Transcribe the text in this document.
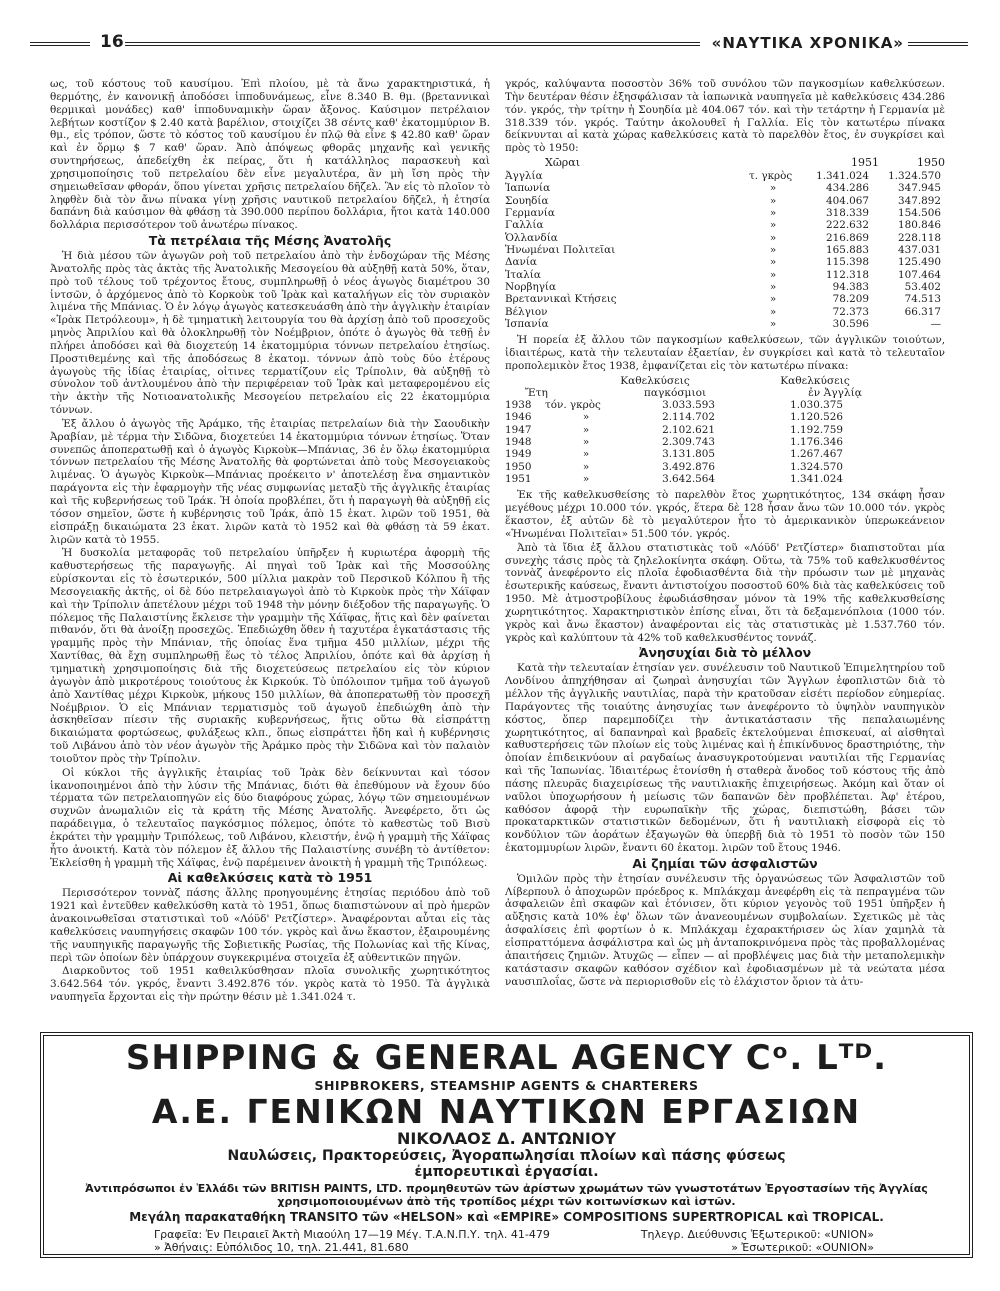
16	«ΝΑΥΤΙΚΑ ΧΡΟΝΙΚΑ»

ως, τοῦ κόστους τοῦ καυσίμου. Ἐπὶ πλοίου, μὲ τὰ ἄνω χαρακτηριστικά, ἡ θερμότης, ἐν κανονικῇ ἀποδόσει ἱπποδυνάμεως, εἶνε 8.340 Β. θμ. (βρεταννικαὶ θερμικαὶ μονάδες) καθ' ἱπποδυναμικὴν ὥραν ἄξονος. Καύσιμον πετρέλαιον λεβήτων κοστίζον $ 2.40 κατὰ βαρέλιον, στοιχίζει 38 σέντς καθ' ἑκατομμύριον Β. θμ., εἰς τρόπον, ὥστε τὸ κόστος τοῦ καυσίμου ἐν πλῷ θὰ εἶνε $ 42.80 καθ' ὥραν καὶ ἐν ὅρμῳ $ 7 καθ' ὥραν. Ἀπὸ ἀπόψεως φθορᾶς μηχανῆς καὶ γενικῆς συντηρήσεως, ἀπεδείχθη ἐκ πείρας, ὅτι ἡ κατάλληλος παρασκευὴ καὶ χρησιμοποίησις τοῦ πετρελαίου δὲν εἶνε μεγαλυτέρα, ἂν μὴ ἴση πρὸς τὴν σημειωθεῖσαν φθοράν, ὅπου γίνεται χρῆσις πετρελαίου δῆζελ. Ἂν εἰς τὸ πλοῖον τὸ ληφθὲν διὰ τὸν ἄνω πίνακα γίνῃ χρῆσις ναυτικοῦ πετρελαίου δῆζελ, ἡ ἐτησία δαπάνη διὰ καύσιμον θὰ φθάσῃ τὰ 390.000 περίπου δολλάρια, ἤτοι κατὰ 140.000 δολλάρια περισσότερον τοῦ ἀνωτέρω πίνακος.

Τὰ πετρέλαια τῆς Μέσης Ἀνατολῆς

Ἡ διὰ μέσου τῶν ἀγωγῶν ροὴ τοῦ πετρελαίου ἀπὸ τὴν ἐνδοχώραν τῆς Μέσης Ἀνατολῆς πρὸς τὰς ἀκτὰς τῆς Ἀνατολικῆς Μεσογείου θὰ αὐξηθῇ κατὰ 50%, ὅταν, πρὸ τοῦ τέλους τοῦ τρέχοντος ἔτους, συμπληρωθῇ ὁ νέος ἀγωγὸς διαμέτρου 30 ἰντσῶν, ὁ ἀρχόμενος ἀπὸ τὸ Κορκοὺκ τοῦ Ἰρὰκ καὶ καταλήγων εἰς τὸν συριακὸν λιμένα τῆς Μπάνιας. Ὁ ἐν λόγῳ ἀγωγὸς κατεσκευάσθη ἀπὸ τὴν ἀγγλικὴν ἑταιρίαν «Ἰρὰκ Πετρόλεουμ», ἡ δὲ τμηματικὴ λειτουργία του θὰ ἀρχίσῃ ἀπὸ τοῦ προσεχοῦς μηνὸς Ἀπριλίου καὶ θὰ ὁλοκληρωθῇ τὸν Νοέμβριον, ὁπότε ὁ ἀγωγὸς θὰ τεθῇ ἐν πλήρει ἀποδόσει καὶ θὰ διοχετεύῃ 14 ἑκατομμύρια τόννων πετρελαίου ἐτησίως. Προστιθεμένης καὶ τῆς ἀποδόσεως 8 ἑκατομ. τόννων ἀπὸ τοὺς δύο ἑτέρους ἀγωγοὺς τῆς ἰδίας ἑταιρίας, οἱτινες τερματίζουν εἰς Τρίπολιν, θὰ αὐξηθῇ τὸ σύνολον τοῦ ἀντλουμένου ἀπὸ τὴν περιφέρειαν τοῦ Ἰρὰκ καὶ μεταφερομένου εἰς τὴν ἀκτὴν τῆς Νοτιοανατολικῆς Μεσογείου πετρελαίου εἰς 22 ἑκατομμύρια τόννων.

Ἐξ ἄλλου ὁ ἀγωγὸς τῆς Ἀράμκο, τῆς ἑταιρίας πετρελαίων διὰ τὴν Σαουδικὴν Ἀραβίαν, μὲ τέρμα τὴν Σιδῶνα, διοχετεύει 14 ἑκατομμύρια τόννων ἐτησίως. Ὅταν συνεπῶς ἀποπερατωθῇ καὶ ὁ ἀγωγὸς Κιρκοὺκ—Μπάνιας, 36 ἐν ὅλῳ ἑκατομμύρια τόννων πετρελαίου τῆς Μέσης Ἀνατολῆς θὰ φορτώνεται ἀπὸ τοὺς Μεσογειακοὺς λιμένας. Ὁ ἀγωγὸς Κιρκοὺκ—Μπάνιας προέκειτο ν' ἀποτελέσῃ ἕνα σημαντικὸν παράγοντα εἰς τὴν ἐφαρμογὴν τῆς νέας συμφωνίας μεταξὺ τῆς ἀγγλικῆς ἑταιρίας καὶ τῆς κυβερνήσεως τοῦ Ἰράκ. Ἡ ὁποία προβλέπει, ὅτι ἡ παραγωγὴ θὰ αὐξηθῇ εἰς τόσον σημεῖον, ὥστε ἡ κυβέρνησις τοῦ Ἰράκ, ἀπὸ 15 ἑκατ. λιρῶν τοῦ 1951, θὰ εἰσπράξῃ δικαιώματα 23 ἑκατ. λιρῶν κατὰ τὸ 1952 καὶ θὰ φθάσῃ τὰ 59 ἑκατ. λιρῶν κατὰ τὸ 1955.

Ἡ δυσκολία μεταφορᾶς τοῦ πετρελαίου ὑπῆρξεν ἡ κυριωτέρα ἀφορμὴ τῆς καθυστερήσεως τῆς παραγωγῆς. Αἱ πηγαὶ τοῦ Ἰρὰκ καὶ τῆς Μοσσούλης εὑρίσκονται εἰς τὸ ἐσωτερικόν, 500 μίλλια μακρὰν τοῦ Περσικοῦ Κόλπου ἢ τῆς Μεσογειακῆς ἀκτῆς, οἱ δὲ δύο πετρελαιαγωγοὶ ἀπὸ τὸ Κιρκοὺκ πρὸς τὴν Χάϊφαν καὶ τὴν Τρίπολιν ἀπετέλουν μέχρι τοῦ 1948 τὴν μόνην διέξοδον τῆς παραγωγῆς. Ὁ πόλεμος τῆς Παλαιστίνης ἔκλεισε τὴν γραμμὴν τῆς Χάϊφας, ἥτις καὶ δὲν φαίνεται πιθανόν, ὅτι θὰ ἀνοίξῃ προσεχῶς. Ἐπεδιώχθη ὅθεν ἡ ταχυτέρα ἐγκατάστασις τῆς γραμμῆς πρὸς τὴν Μπάνιαν, τῆς ὁποίας ἕνα τμῆμα 450 μιλλίων, μέχρι τῆς Χαντίθας, θὰ ἔχῃ συμπληρωθῇ ἕως τὸ τέλος Ἀπριλίου, ὁπότε καὶ θὰ ἀρχίσῃ ἡ τμηματικὴ χρησιμοποίησις διὰ τῆς διοχετεύσεως πετρελαίου εἰς τὸν κύριον ἀγωγὸν ἀπὸ μικροτέρους τοιούτους ἐκ Κιρκούκ. Τὸ ὑπόλοιπον τμῆμα τοῦ ἀγωγοῦ ἀπὸ Χαντίθας μέχρι Κιρκοὺκ, μήκους 150 μιλλίων, θὰ ἀποπερατωθῇ τὸν προσεχῆ Νοέμβριον. Ὁ εἰς Μπάνιαν τερματισμὸς τοῦ ἀγωγοῦ ἐπεδιώχθη ἀπὸ τὴν ἀσκηθεῖσαν πίεσιν τῆς συριακῆς κυβερνήσεως, ἥτις οὕτω θὰ εἰσπράττῃ δικαιώματα φορτώσεως, φυλάξεως κλπ., ὅπως εἰσπράττει ἤδη καὶ ἡ κυβέρνησις τοῦ Λιβάνου ἀπὸ τὸν νέον ἀγωγὸν τῆς Ἀράμκο πρὸς τὴν Σιδῶνα καὶ τὸν παλαιὸν τοιοῦτον πρὸς τὴν Τρίπολιν.

Οἱ κύκλοι τῆς ἀγγλικῆς ἑταιρίας τοῦ Ἰρὰκ δὲν δείκνυνται καὶ τόσον ἱκανοποιημένοι ἀπὸ τὴν λύσιν τῆς Μπάνιας, διότι θὰ ἐπεθύμουν νὰ ἔχουν δύο τέρματα τῶν πετρελαιοπηγῶν εἰς δύο διαφόρους χώρας, λόγῳ τῶν σημειουμένων συχνῶν ἀνωμαλιῶν εἰς τὰ κράτη τῆς Μέσης Ἀνατολῆς. Ἀνεφέρετο, ὅτι ὡς παράδειγμα, ὁ τελευταῖος παγκόσμιος πόλεμος, ὁπότε τὸ καθεστὼς τοῦ Βισὺ ἐκράτει τὴν γραμμὴν Τριπόλεως, τοῦ Λιβάνου, κλειστήν, ἐνῷ ἡ γραμμὴ τῆς Χάϊφας ἦτο ἀνοικτή. Κατὰ τὸν πόλεμον ἐξ ἄλλου τῆς Παλαιστίνης συνέβη τὸ ἀντίθετον: Ἐκλείσθη ἡ γραμμὴ τῆς Χάϊφας, ἐνῷ παρέμεινεν ἀνοικτὴ ἡ γραμμὴ τῆς Τριπόλεως.

Αἱ καθελκύσεις κατὰ τὸ 1951

Περισσότερον τοννὰζ πάσης ἄλλης προηγουμένης ἐτησίας περιόδου ἀπὸ τοῦ 1921 καὶ ἐντεῦθεν καθελκύσθη κατὰ τὸ 1951, ὅπως διαπιστώνουν αἱ πρὸ ἡμερῶν ἀνακοινωθεῖσαι στατιστικαὶ τοῦ «Λόϋδ' Ρετζίστερ». Ἀναφέρονται αὗται εἰς τὰς καθελκύσεις ναυπηγήσεις σκαφῶν 100 τόν. γκρὸς καὶ ἄνω ἕκαστον, ἐξαιρουμένης τῆς ναυπηγικῆς παραγωγῆς τῆς Σοβιετικῆς Ρωσίας, τῆς Πολωνίας καὶ τῆς Κίνας, περὶ τῶν ὁποίων δὲν ὑπάρχουν συγκεκριμένα στοιχεῖα ἐξ αὐθεντικῶν πηγῶν.

Διαρκοῦντος τοῦ 1951 καθειλκύσθησαν πλοῖα συνολικῆς χωρητικότητος 3.642.564 τόν. γκρός, ἔναντι 3.492.876 τόν. γκρὸς κατὰ τὸ 1950. Τὰ ἀγγλικὰ ναυπηγεῖα ἔρχονται εἰς τὴν πρώτην θέσιν μὲ 1.341.024 τ.

γκρός, καλύψαντα ποσοστὸν 36% τοῦ συνόλου τῶν παγκοσμίων καθελκύσεων. Τὴν δευτέραν θέσιν ἐξησφάλισαν τὰ ἰαπωνικὰ ναυπηγεῖα μὲ καθελκύσεις 434.286 τόν. γκρός, τὴν τρίτην ἡ Σουηδία μὲ 404.067 τόν. καὶ τὴν τετάρτην ἡ Γερμανία μὲ 318.339 τόν. γκρός. Ταύτην ἀκολουθεῖ ἡ Γαλλία. Εἰς τὸν κατωτέρω πίνακα δείκνυνται αἱ κατὰ χώρας καθελκύσεις κατὰ τὸ παρελθὸν ἔτος, ἐν συγκρίσει καὶ πρὸς τὸ 1950:

Χῶραι	1951	1950
Ἀγγλία	τ. γκρὸς	1.341.024	1.324.570
Ἰαπωνία	»	434.286	347.945
Σουηδία	»	404.067	347.892
Γερμανία	»	318.339	154.506
Γαλλία	»	222.632	180.846
Ὁλλανδία	»	216.869	228.118
Ἡνωμέναι Πολιτεῖαι	»	165.883	437.031
Δανία	»	115.398	125.490
Ἰταλία	»	112.318	107.464
Νορβηγία	»	94.383	53.402
Βρεταννικαὶ Κτήσεις	»	78.209	74.513
Βέλγιον	»	72.373	66.317
Ἱσπανία	»	30.596	—

Ἡ πορεία ἐξ ἄλλου τῶν παγκοσμίων καθελκύσεων, τῶν ἀγγλικῶν τοιούτων, ἰδιαιτέρως, κατὰ τὴν τελευταίαν ἑξαετίαν, ἐν συγκρίσει καὶ κατὰ τὸ τελευταῖον προπολεμικὸν ἔτος 1938, ἐμφανίζεται εἰς τὸν κατωτέρω πίνακα:

Καθελκύσεις	Καθελκύσεις
Ἔτη	παγκόσμιοι	ἐν Ἀγγλίᾳ
1938	τόν. γκρὸς	3.033.593	1.030.375
1946	»	2.114.702	1.120.526
1947	»	2.102.621	1.192.759
1948	»	2.309.743	1.176.346
1949	»	3.131.805	1.267.467
1950	»	3.492.876	1.324.570
1951	»	3.642.564	1.341.024

Ἐκ τῆς καθελκυσθείσης τὸ παρελθὸν ἔτος χωρητικότητος, 134 σκάφη ἦσαν μεγέθους μέχρι 10.000 τόν. γκρός, ἕτερα δὲ 128 ἦσαν ἄνω τῶν 10.000 τόν. γκρὸς ἕκαστον, ἐξ αὐτῶν δὲ τὸ μεγαλύτερον ἦτο τὸ ἀμερικανικὸν ὑπερωκεάνειον «Ἡνωμέναι Πολιτεῖαι» 51.500 τόν. γκρός.

Ἀπὸ τὰ ἴδια ἐξ ἄλλου στατιστικὰς τοῦ «Λόϋδ' Ρετζίστερ» διαπιστοῦται μία συνεχὴς τάσις πρὸς τὰ ζηλελοκίνητα σκάφη. Οὕτω, τὰ 75% τοῦ καθελκυσθέντος τοννὰζ ἀνεφέροντο εἰς πλοῖα ἐφοδιασθέντα διὰ τὴν πρόωσιν των μὲ μηχανὰς ἐσωτερικῆς καύσεως, ἔναντι ἀντιστοίχου ποσοστοῦ 60% διὰ τὰς καθελκύσεις τοῦ 1950. Μὲ ἀτμοστροβίλους ἐφωδιάσθησαν μόνον τὰ 19% τῆς καθελκυσθείσης χωρητικότητος. Χαρακτηριστικὸν ἐπίσης εἶναι, ὅτι τὰ δεξαμενόπλοια (1000 τόν. γκρὸς καὶ ἄνω ἕκαστον) ἀναφέρονται εἰς τὰς στατιστικὰς μὲ 1.537.760 τόν. γκρὸς καὶ καλύπτουν τὰ 42% τοῦ καθελκυσθέντος τοννάζ.

Ἀνησυχίαι διὰ τὸ μέλλον

Κατὰ τὴν τελευταίαν ἐτησίαν γεν. συνέλευσιν τοῦ Ναυτικοῦ Ἐπιμελητηρίου τοῦ Λονδίνου ἀπηχήθησαν αἱ ζωηραὶ ἀνησυχίαι τῶν Ἄγγλων ἐφοπλιστῶν διὰ τὸ μέλλον τῆς ἀγγλικῆς ναυτιλίας, παρὰ τὴν κρατοῦσαν εἰσέτι περίοδον εὐημερίας. Παράγοντες τῆς τοιαύτης ἀνησυχίας των ἀνεφέροντο τὸ ὑψηλὸν ναυπηγικὸν κόστος, ὅπερ παρεμποδίζει τὴν ἀντικατάστασιν τῆς πεπαλαιωμένης χωρητικότητος, αἱ δαπανηραὶ καὶ βραδεῖς ἐκτελούμεναι ἐπισκευαί, αἱ αἰσθηταὶ καθυστερήσεις τῶν πλοίων εἰς τοὺς λιμένας καὶ ἡ ἐπικίνδυνος δραστηριότης, τὴν ὁποίαν ἐπιδεικνύουν αἱ ραγδαίως ἀνασυγκροτούμεναι ναυτιλίαι τῆς Γερμανίας καὶ τῆς Ἰαπωνίας. Ἰδιαιτέρως ἐτονίσθη ἡ σταθερὰ ἄνοδος τοῦ κόστους τῆς ἀπὸ πάσης πλευρᾶς διαχειρίσεως τῆς ναυτιλιακῆς ἐπιχειρήσεως. Ἀκόμη καὶ ὅταν οἱ ναῦλοι ὑποχωρήσουν ἡ μείωσις τῶν δαπανῶν δὲν προβλέπεται. Ἀφ' ἑτέρου, καθόσον ἀφορᾷ τὴν ευρωπαϊκὴν τῆς χώρας, διεπιστώθη, βάσει τῶν προκαταρκτικῶν στατιστικῶν δεδομένων, ὅτι ἡ ναυτιλιακὴ εἰσφορὰ εἰς τὸ κονδύλιον τῶν ἀοράτων ἐξαγωγῶν θὰ ὑπερβῇ διὰ τὸ 1951 τὸ ποσὸν τῶν 150 ἑκατομμυρίων λιρῶν, ἔναντι 60 ἑκατομ. λιρῶν τοῦ ἔτους 1946.

Αἱ ζημίαι τῶν ἀσφαλιστῶν

Ὁμιλῶν πρὸς τὴν ἐτησίαν συνέλευσιν τῆς ὀργανώσεως τῶν Ἀσφαλιστῶν τοῦ Λίβερπουλ ὁ ἀποχωρῶν πρόεδρος κ. Μπλάκχαμ ἀνεφέρθη εἰς τὰ πεπραγμένα τῶν ἀσφαλειῶν ἐπὶ σκαφῶν καὶ ἐτόνισεν, ὅτι κύριον γεγονὸς τοῦ 1951 ὑπῆρξεν ἡ αὔξησις κατὰ 10% ἐφ' ὅλων τῶν ἀνανεουμένων συμβολαίων. Σχετικῶς μὲ τὰς ἀσφαλίσεις ἐπὶ φορτίων ὁ κ. Μπλάκχαμ ἐχαρακτήρισεν ὡς λίαν χαμηλὰ τὰ εἰσπραττόμενα ἀσφάλιστρα καὶ ὡς μὴ ἀνταποκρινόμενα πρὸς τὰς προβαλλομένας ἀπαιτήσεις ζημιῶν. Ἀτυχῶς — εἶπεν — αἱ προβλέψεις μας διὰ τὴν μεταπολεμικὴν κατάστασιν σκαφῶν καθόσον σχέδιον καὶ ἐφοδιασμένων μὲ τὰ νεώτατα μέσα ναυσιπλοΐας, ὥστε νὰ περιορισθοῦν εἰς τὸ ἐλάχιστον ὅριον τὰ ἀτυ-

SHIPPING & GENERAL AGENCY Cᵒ. Lᵀᴰ.
SHIPBROKERS, STEAMSHIP AGENTS & CHARTERERS
Α.Ε. ΓΕΝΙΚΩΝ ΝΑΥΤΙΚΩΝ ΕΡΓΑΣΙΩΝ
ΝΙΚΟΛΑΟΣ Δ. ΑΝΤΩΝΙΟΥ
Ναυλώσεις, Πρακτορεύσεις, Ἀγοραπωλησίαι πλοίων καὶ πάσης φύσεως
ἐμπορευτικαὶ ἐργασίαι.
Ἀντιπρόσωποι ἐν Ἑλλάδι τῶν BRITISH PAINTS, LTD. προμηθευτῶν τῶν ἀρίστων χρωμάτων τῶν γνωστοτάτων Ἐργοστασίων τῆς Ἀγγλίας χρησιμοποιουμένων ἀπὸ τῆς τροπίδος μέχρι τῶν κοιτωνίσκων καὶ ἱστῶν.
Μεγάλη παρακαταθήκη TRANSITO τῶν «HELSON» καὶ «EMPIRE» COMPOSITIONS SUPERTROPICAL καὶ TROPICAL.
Γραφεῖα: Ἐν Πειραιεῖ Ἀκτὴ Μιαούλη 17—19 Μέγ. Τ.Α.Ν.Π.Υ. τηλ. 41-479	Τηλεγρ. Διεύθυνσις Ἐξωτερικοῦ: «UNION»
» Ἀθήναις: Εὐπόλιδος 10, τηλ. 21.441, 81.680	» Ἐσωτερικοῦ: «OUNION»
